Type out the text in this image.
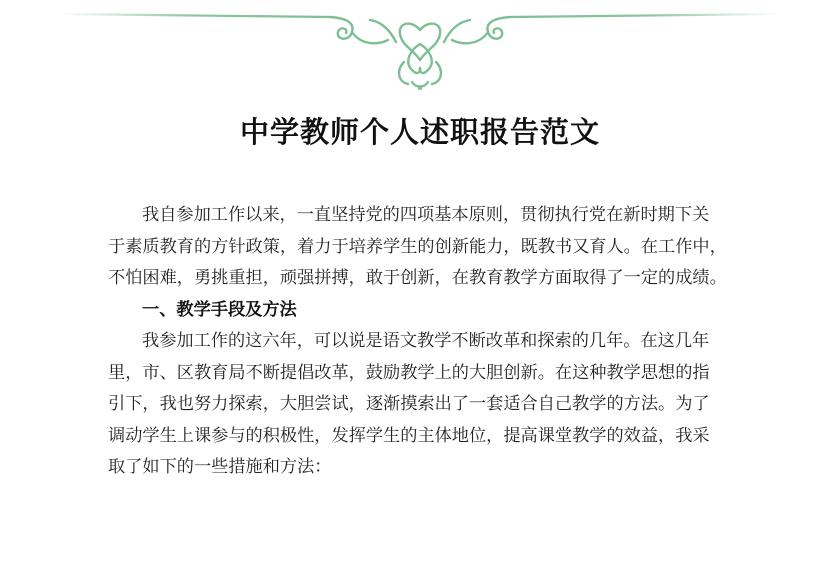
中学教师个人述职报告范文
我自参加工作以来，一直坚持党的四项基本原则，贯彻执行党在新时期下关
于素质教育的方针政策，着力于培养学生的创新能力，既教书又育人。在工作中，
不怕困难，勇挑重担，顽强拼搏，敢于创新，在教育教学方面取得了一定的成绩。
一、教学手段及方法
我参加工作的这六年，可以说是语文教学不断改革和探索的几年。在这几年
里，市、区教育局不断提倡改革，鼓励教学上的大胆创新。在这种教学思想的指
引下，我也努力探索，大胆尝试，逐渐摸索出了一套适合自己教学的方法。为了
调动学生上课参与的积极性，发挥学生的主体地位，提高课堂教学的效益，我采
取了如下的一些措施和方法：
